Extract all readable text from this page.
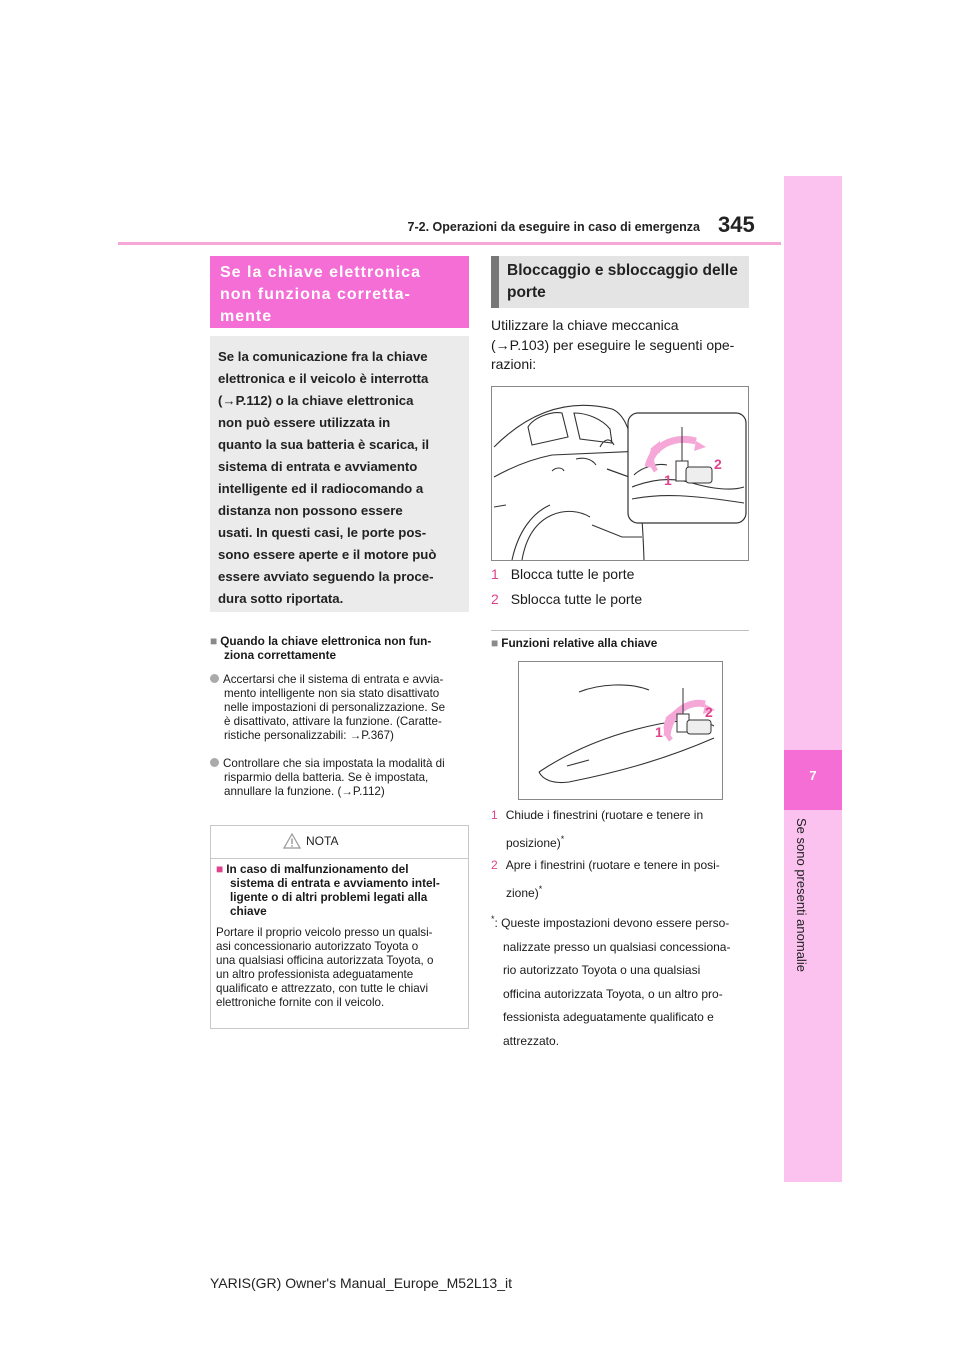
7-2. Operazioni da eseguire in caso di emergenza 345
7
Se sono presenti anomalie
Se la chiave elettronica
non funziona corretta-
mente

Se la comunicazione fra la chiave

elettronica e il veicolo è interrotta

(→P.112) o la chiave elettronica

non può essere utilizzata in

quanto la sua batteria è scarica, il

sistema di entrata e avviamento

intelligente ed il radiocomando a

distanza non possono essere

usati. In questi casi, le porte pos-

sono essere aperte e il motore può

essere avviato seguendo la proce-

dura sotto riportata.

■ Quando la chiave elettronica non fun-
ziona correttamente
Accertarsi che il sistema di entrata e avvia-
mento intelligente non sia stato disattivato
nelle impostazioni di personalizzazione. Se
è disattivato, attivare la funzione. (Caratte-
ristiche personalizzabili: →P.367)
Controllare che sia impostata la modalità di
risparmio della batteria. Se è impostata,
annullare la funzione. (→P.112)
NOTA
■ In caso di malfunzionamento del
sistema di entrata e avviamento intel-
ligente o di altri problemi legati alla
chiave
Portare il proprio veicolo presso un qualsi-
asi concessionario autorizzato Toyota o
una qualsiasi officina autorizzata Toyota, o
un altro professionista adeguatamente
qualificato e attrezzato, con tutte le chiavi
elettroniche fornite con il veicolo.
Bloccaggio e sbloccaggio delle
porte
Utilizzare la chiave meccanica
(→P.103) per eseguire le seguenti ope-
razioni:
1
2
1 Blocca tutte le porte
2 Sblocca tutte le porte
■ Funzioni relative alla chiave
1
2
1 Chiude i finestrini (ruotare e tenere in
posizione)*
2 Apre i finestrini (ruotare e tenere in posi-
zione)*
*: Queste impostazioni devono essere perso-
nalizzate presso un qualsiasi concessiona-
rio autorizzato Toyota o una qualsiasi
officina autorizzata Toyota, o un altro pro-
fessionista adeguatamente qualificato e
attrezzato.
YARIS(GR) Owner's Manual_Europe_M52L13_it
